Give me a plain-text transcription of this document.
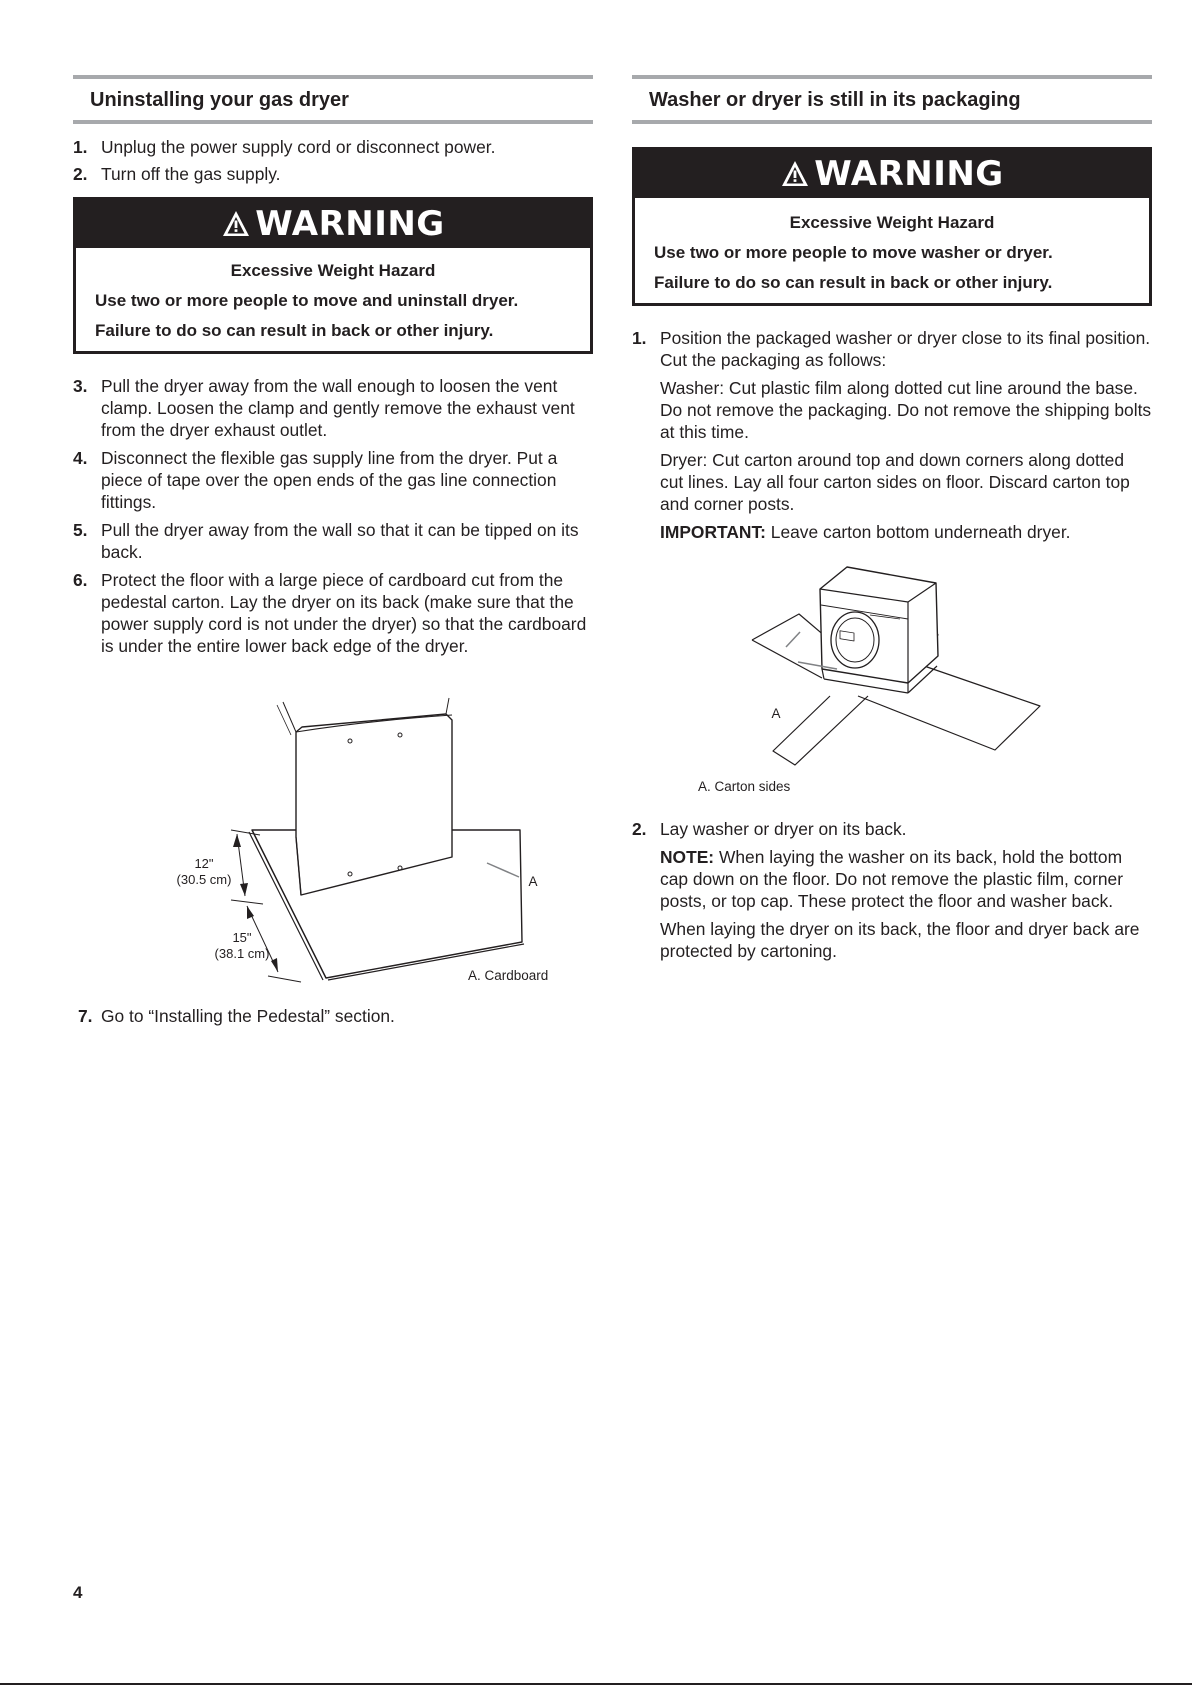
Uninstalling your gas dryer
1. Unplug the power supply cord or disconnect power.
2. Turn off the gas supply.
WARNING
Excessive Weight Hazard
Use two or more people to move and uninstall dryer.
Failure to do so can result in back or other injury.
3. Pull the dryer away from the wall enough to loosen the vent clamp. Loosen the clamp and gently remove the exhaust vent from the dryer exhaust outlet.
4. Disconnect the flexible gas supply line from the dryer. Put a piece of tape over the open ends of the gas line connection fittings.
5. Pull the dryer away from the wall so that it can be tipped on its back.
6. Protect the floor with a large piece of cardboard cut from the pedestal carton. Lay the dryer on its back (make sure that the power supply cord is not under the dryer) so that the cardboard is under the entire lower back edge of the dryer.
12"
(30.5 cm)
15"
(38.1 cm)
A
A. Cardboard
7. Go to “Installing the Pedestal” section.
Washer or dryer is still in its packaging
WARNING
Excessive Weight Hazard
Use two or more people to move washer or dryer.
Failure to do so can result in back or other injury.
1. Position the packaged washer or dryer close to its final position. Cut the packaging as follows:

Washer: Cut plastic film along dotted cut line around the base. Do not remove the packaging. Do not remove the shipping bolts at this time.

Dryer: Cut carton around top and down corners along dotted cut lines. Lay all four carton sides on floor. Discard carton top and corner posts.

IMPORTANT: Leave carton bottom underneath dryer.

A
A. Carton sides
2. Lay washer or dryer on its back.

NOTE: When laying the washer on its back, hold the bottom cap down on the floor. Do not remove the plastic film, corner posts, or top cap. These protect the floor and washer back.

When laying the dryer on its back, the floor and dryer back are protected by cartoning.

4
